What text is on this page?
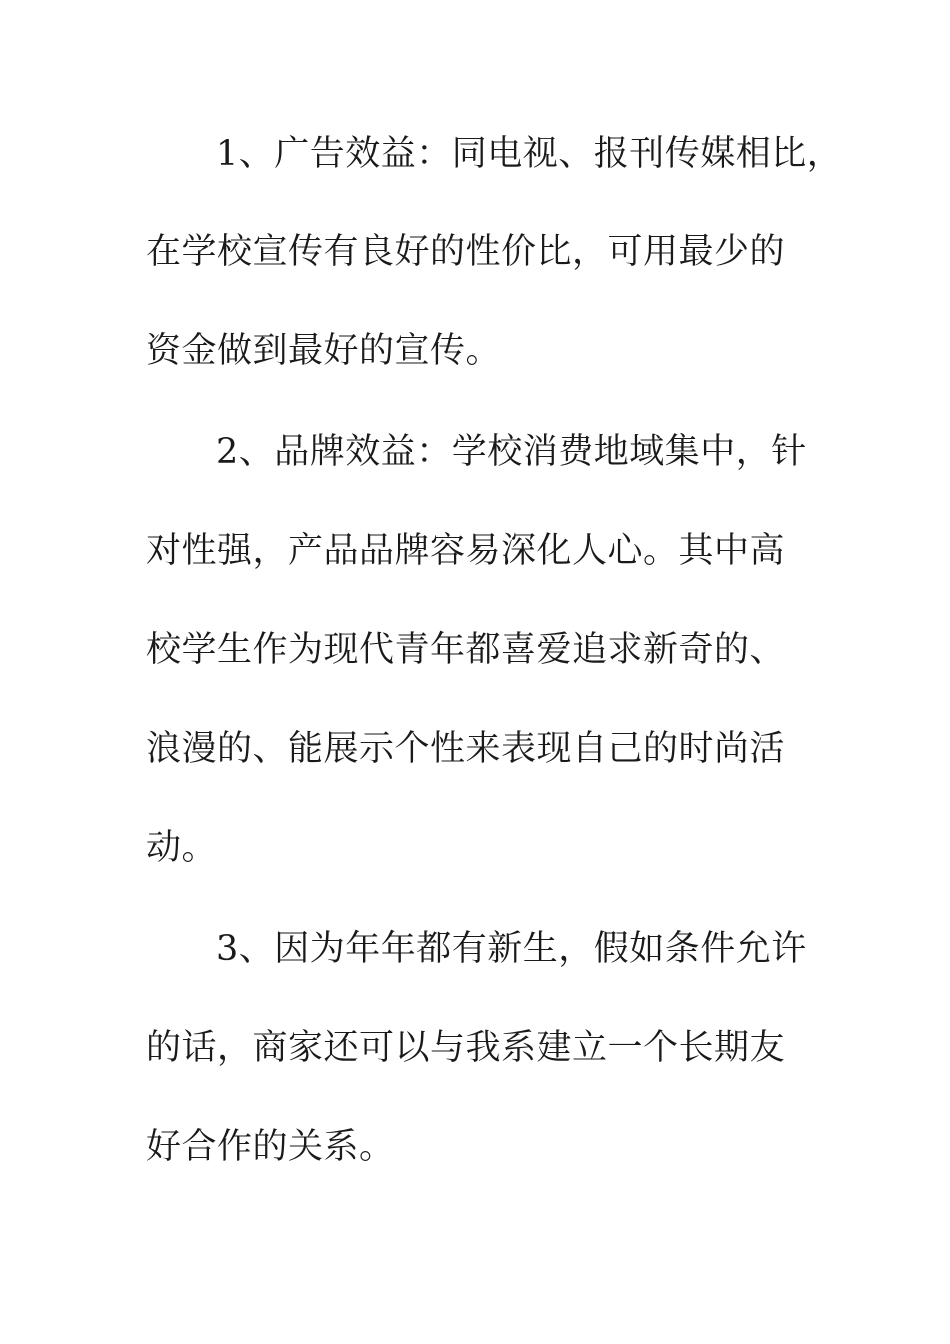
1、广告效益：同电视、报刊传媒相比，
在学校宣传有良好的性价比，可用最少的
资金做到最好的宣传。
2、品牌效益：学校消费地域集中，针
对性强，产品品牌容易深化人心。其中高
校学生作为现代青年都喜爱追求新奇的、
浪漫的、能展示个性来表现自己的时尚活
动。
3、因为年年都有新生，假如条件允许
的话，商家还可以与我系建立一个长期友
好合作的关系。
